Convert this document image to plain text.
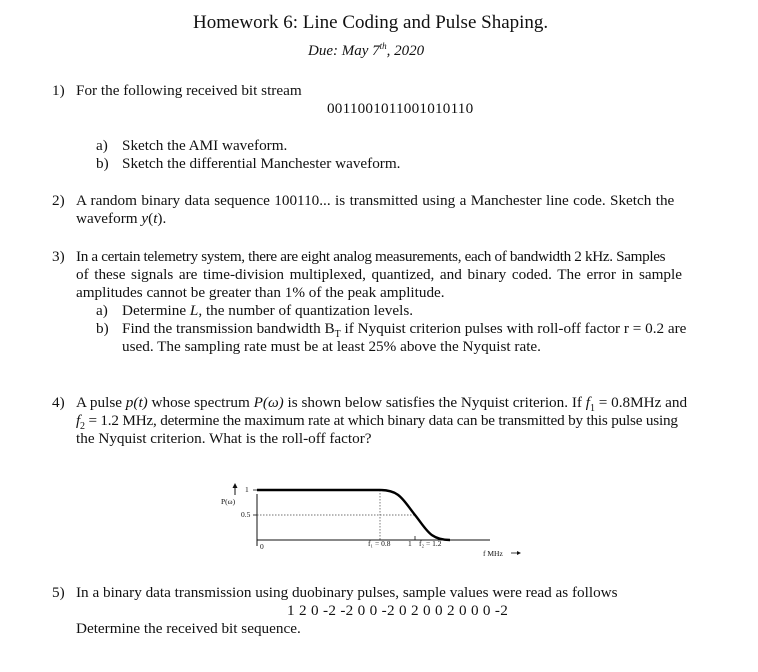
Homework 6: Line Coding and Pulse Shaping.
Due: May 7th, 2020
1) For the following received bit stream
0011001011001010110
a) Sketch the AMI waveform.
b) Sketch the differential Manchester waveform.
2) A random binary data sequence 100110... is transmitted using a Manchester line code. Sketch the
waveform y(t).
3) In a certain telemetry system, there are eight analog measurements, each of bandwidth 2 kHz. Samples
of these signals are time-division multiplexed, quantized, and binary coded. The error in sample
amplitudes cannot be greater than 1% of the peak amplitude.
a) Determine L, the number of quantization levels.
b) Find the transmission bandwidth $B_T$ if Nyquist criterion pulses with roll-off factor r = 0.2 are
used. The sampling rate must be at least 25% above the Nyquist rate.
4) A pulse p(t) whose spectrum P(ω) is shown below satisfies the Nyquist criterion. If $f_1 = 0.8MHz$ and
$f_2 = 1.2$ MHz, determine the maximum rate at which binary data can be transmitted by this pulse using
the Nyquist criterion. What is the roll-off factor?
P(ω)
1
0.5
0	f₁ = 0.8 1 f₂ = 1.2
f MHz
5) In a binary data transmission using duobinary pulses, sample values were read as follows
1 2 0 -2 -2 0 0 -2 0 2 0 0 2 0 0 0 -2
Determine the received bit sequence.
